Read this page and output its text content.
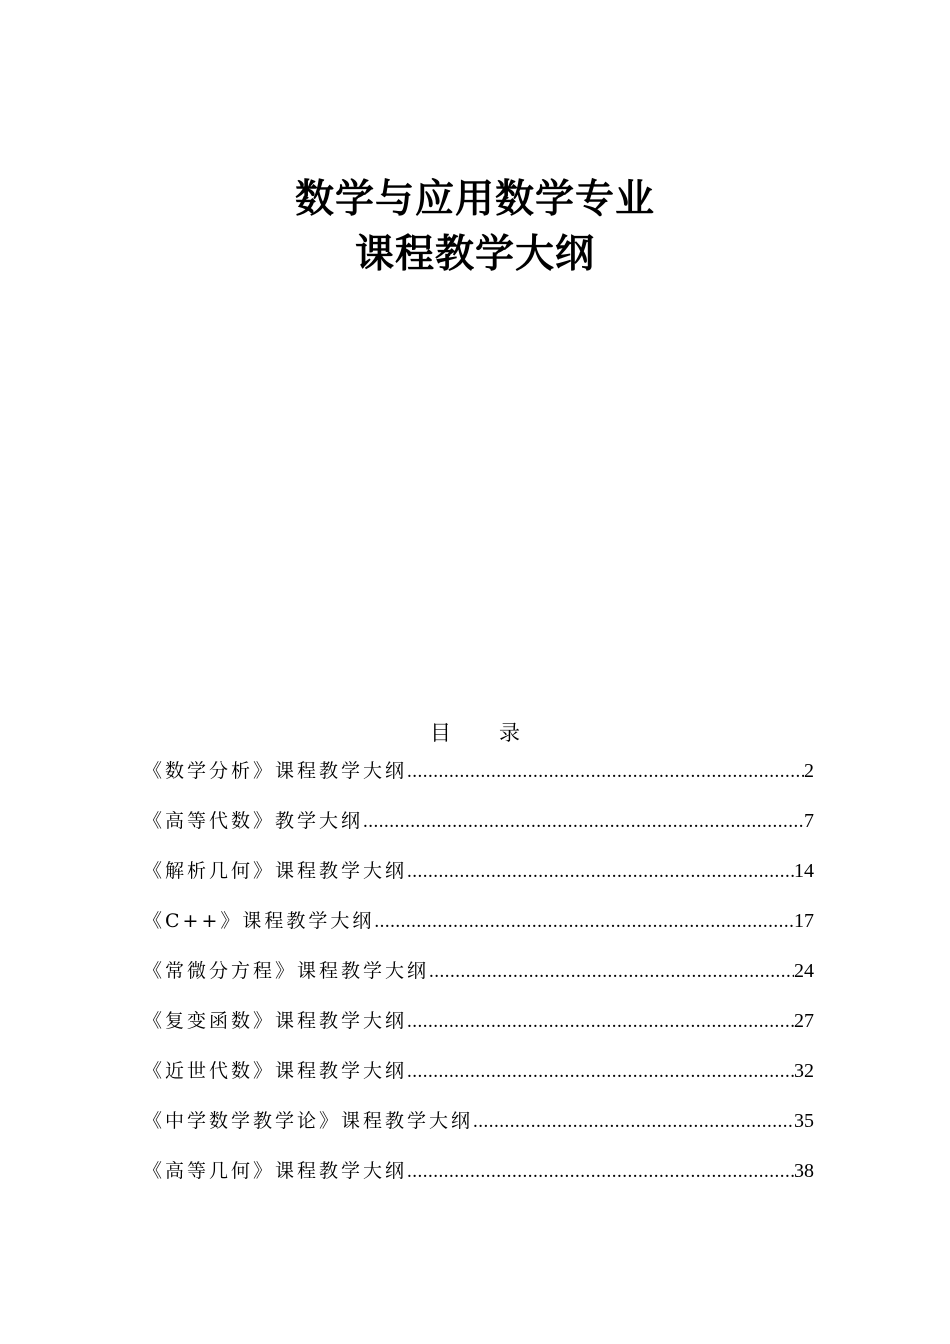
数学与应用数学专业
课程教学大纲
目录
《数学分析》课程教学大纲 .....	2
《高等代数》教学大纲 .....	7
《解析几何》课程教学大纲 .....	14
《C++》课程教学大纲 .....	17
《常微分方程》课程教学大纲 .....	24
《复变函数》课程教学大纲 .....	27
《近世代数》课程教学大纲 .....	32
《中学数学教学论》课程教学大纲 .....	35
《高等几何》课程教学大纲 .....	38
